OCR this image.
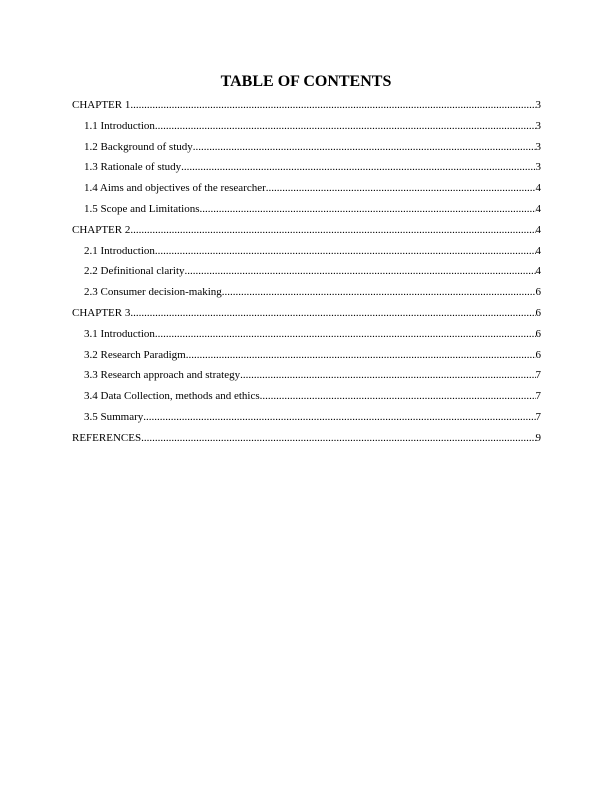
TABLE OF CONTENTS
CHAPTER 1 .....	3
1.1 Introduction .....	3
1.2 Background of study .....	3
1.3 Rationale of study .....	3
1.4 Aims and objectives of the researcher .....	4
1.5 Scope and Limitations .....	4
CHAPTER 2 .....	4
2.1 Introduction .....	4
2.2 Definitional clarity .....	4
2.3 Consumer decision-making .....	6
CHAPTER 3 .....	6
3.1 Introduction .....	6
3.2 Research Paradigm .....	6
3.3 Research approach and strategy .....	7
3.4 Data Collection, methods and ethics .....	7
3.5 Summary .....	7
REFERENCES .....	9
